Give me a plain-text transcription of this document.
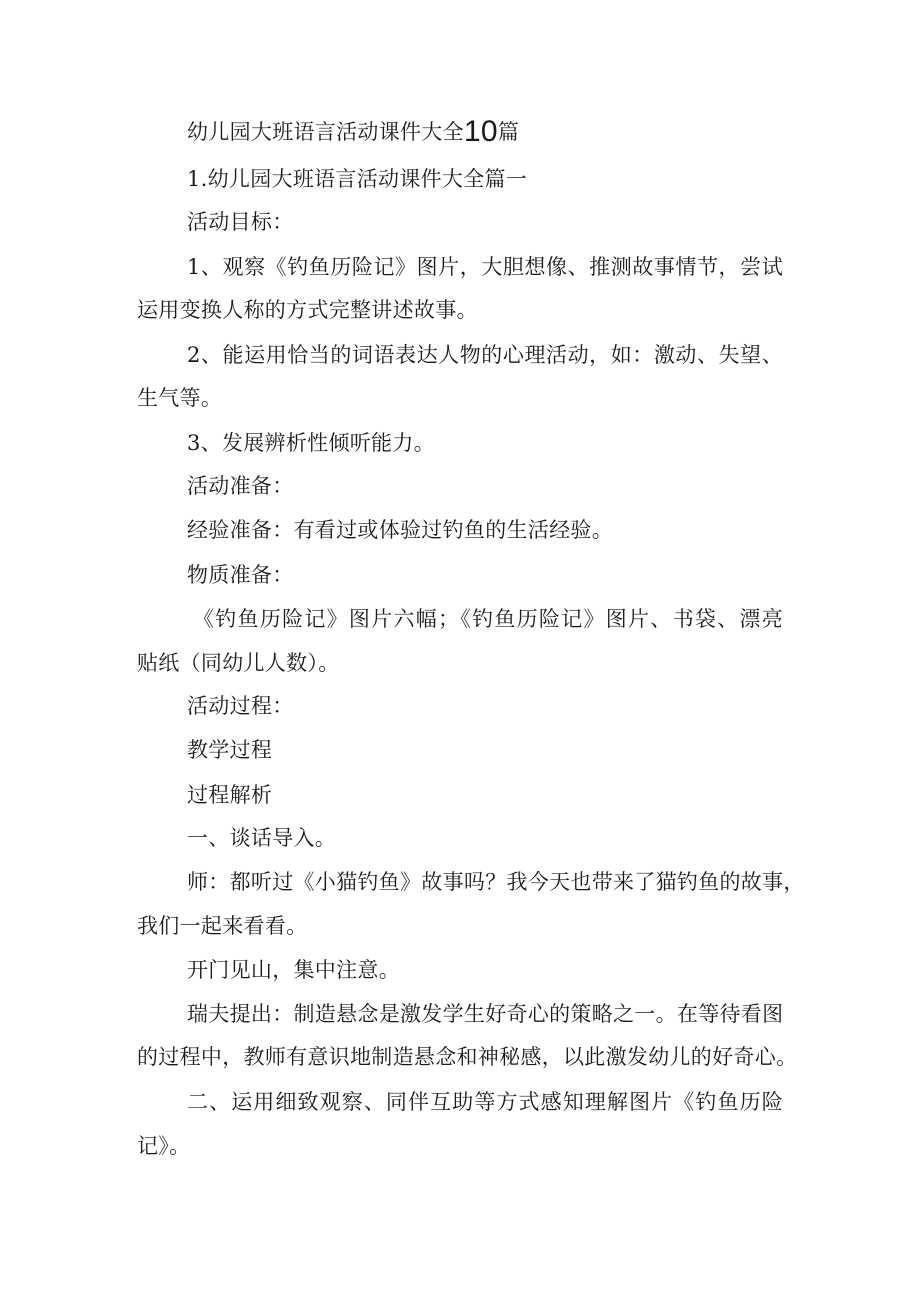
幼儿园大班语言活动课件大全10篇
1.幼儿园大班语言活动课件大全篇一
活动目标：
1、观察《钓鱼历险记》图片，大胆想像、推测故事情节，尝试
运用变换人称的方式完整讲述故事。
2、能运用恰当的词语表达人物的心理活动，如：激动、失望、
生气等。
3、发展辨析性倾听能力。
活动准备：
经验准备：有看过或体验过钓鱼的生活经验。
物质准备：
《钓鱼历险记》图片六幅；《钓鱼历险记》图片、书袋、漂亮
贴纸（同幼儿人数）。
活动过程：
教学过程
过程解析
一、谈话导入。
师：都听过《小猫钓鱼》故事吗？我今天也带来了猫钓鱼的故事，
我们一起来看看。
开门见山，集中注意。
瑞夫提出：制造悬念是激发学生好奇心的策略之一。在等待看图
的过程中，教师有意识地制造悬念和神秘感，以此激发幼儿的好奇心。
二、运用细致观察、同伴互助等方式感知理解图片《钓鱼历险
记》。
